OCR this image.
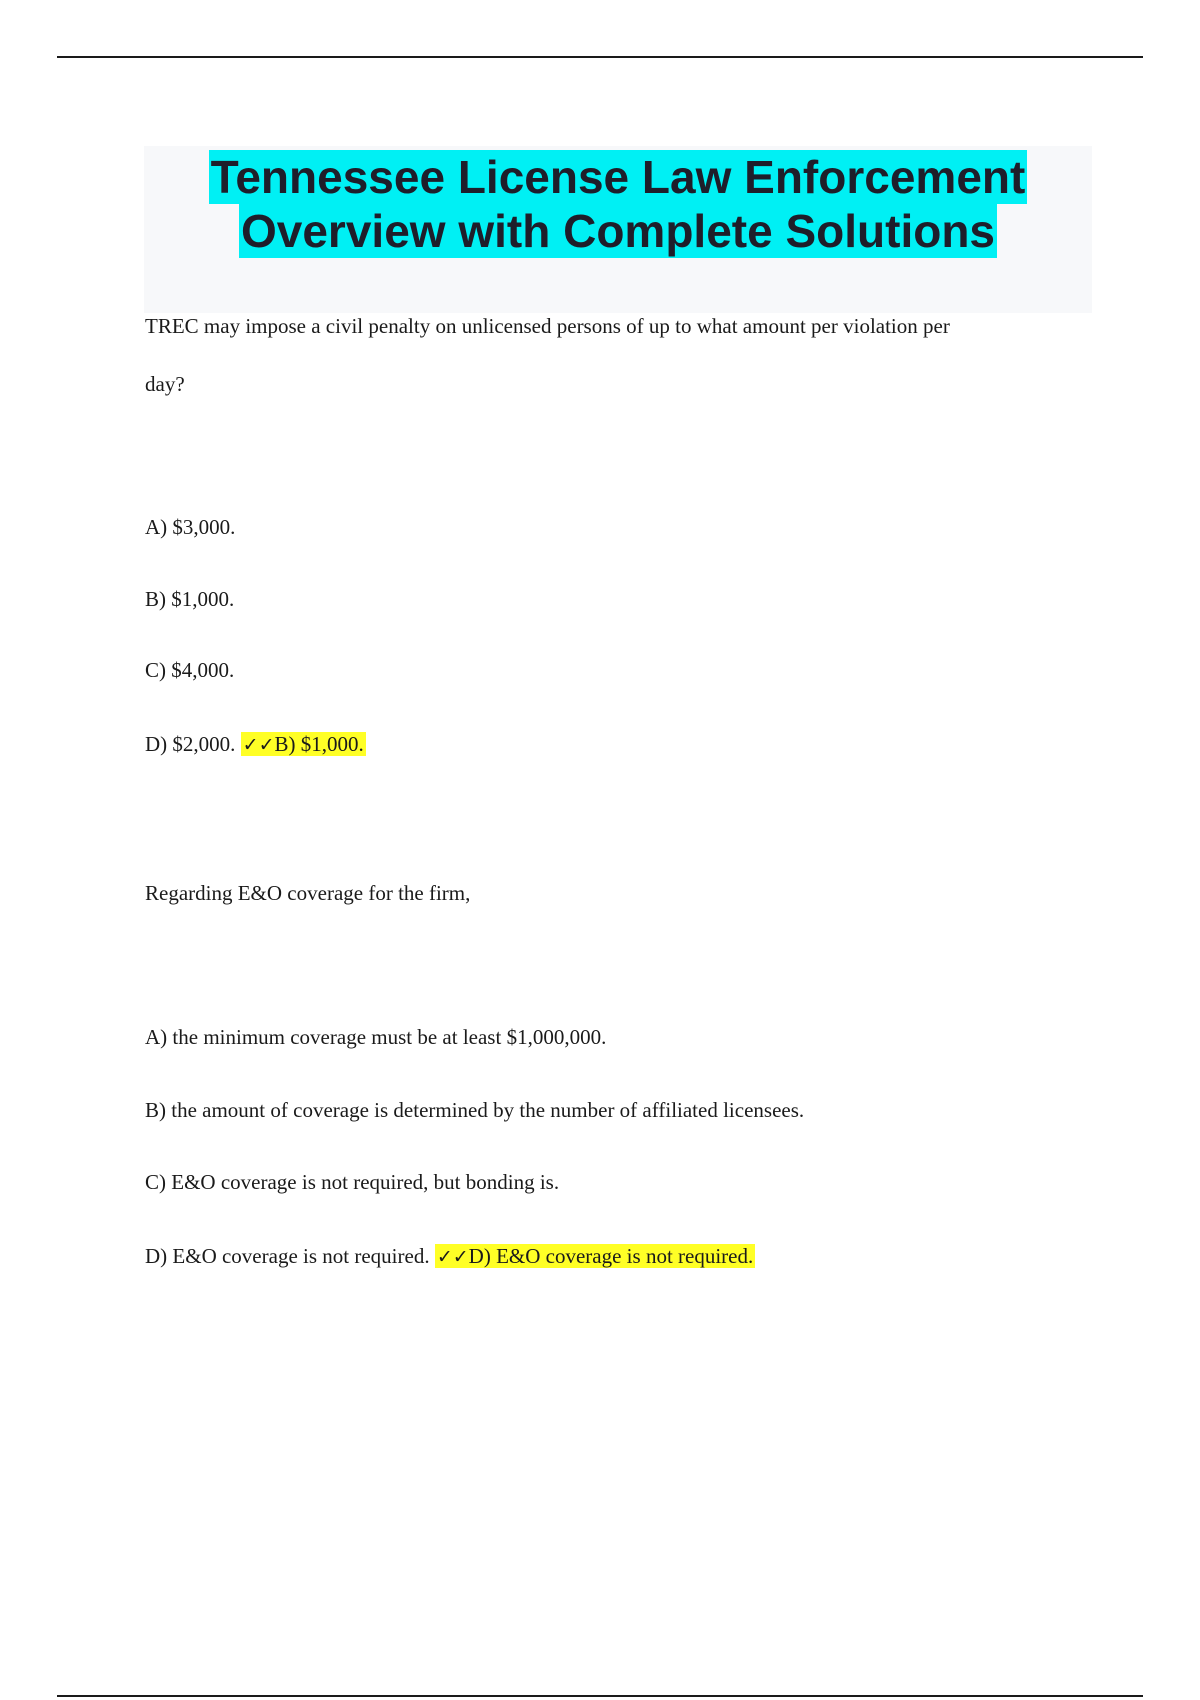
Tennessee License Law Enforcement
Overview with Complete Solutions
TREC may impose a civil penalty on unlicensed persons of up to what amount per violation per
day?
A) $3,000.
B) $1,000.
C) $4,000.
D) $2,000. ✓✓B) $1,000.
Regarding E&O coverage for the firm,
A) the minimum coverage must be at least $1,000,000.
B) the amount of coverage is determined by the number of affiliated licensees.
C) E&O coverage is not required, but bonding is.
D) E&O coverage is not required. ✓✓D) E&O coverage is not required.
